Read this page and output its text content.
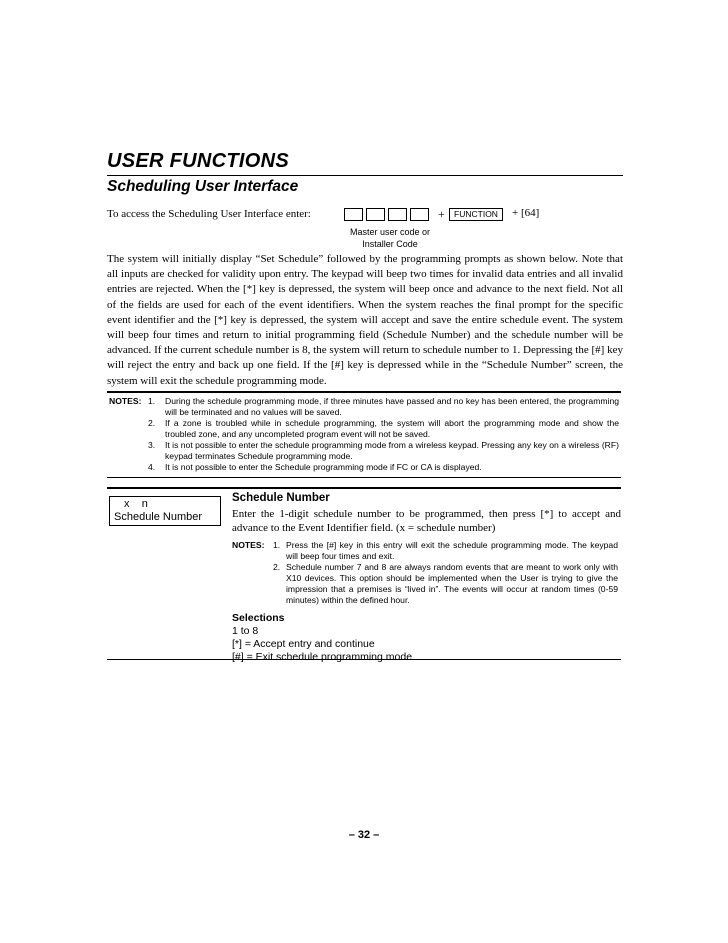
USER FUNCTIONS
Scheduling User Interface
To access the Scheduling User Interface enter:	+	FUNCTION	+ [64]
Master user code or
Installer Code

The system will initially display “Set Schedule” followed by the programming prompts as shown below. Note that all inputs are checked for validity upon entry. The keypad will beep two times for invalid data entries and all invalid entries are rejected. When the [*] key is depressed, the system will beep once and advance to the next field. Not all of the fields are used for each of the event identifiers. When the system reaches the final prompt for the specific event identifier and the [*] key is depressed, the system will accept and save the entire schedule event. The system will beep four times and return to initial programming field (Schedule Number) and the schedule number will be advanced. If the current schedule number is 8, the system will return to schedule number to 1. Depressing the [#] key will reject the entry and back up one field. If the [#] key is depressed while in the “Schedule Number” screen, the system will exit the schedule programming mode.

NOTES: 1. During the schedule programming mode, if three minutes have passed and no key has been entered, the programming will be terminated and no values will be saved.
2. If a zone is troubled while in schedule programming, the system will abort the programming mode and show the troubled zone, and any uncompleted program event will not be saved.
3. It is not possible to enter the schedule programming mode from a wireless keypad. Pressing any key on a wireless (RF) keypad terminates Schedule programming mode.
4. It is not possible to enter the Schedule programming mode if FC or CA is displayed.
x    n
Schedule Number
Schedule Number

Enter the 1-digit schedule number to be programmed, then press [*] to accept and advance to the Event Identifier field. (x = schedule number)

NOTES: 1. Press the [#] key in this entry will exit the schedule programming mode. The keypad will beep four times and exit.
2. Schedule number 7 and 8 are always random events that are meant to work only with X10 devices. This option should be implemented when the User is trying to give the impression that a premises is “lived in”. The events will occur at random times (0-59 minutes) within the defined hour.
Selections
1 to 8
[*] = Accept entry and continue
[#] = Exit schedule programming mode
– 32 –
